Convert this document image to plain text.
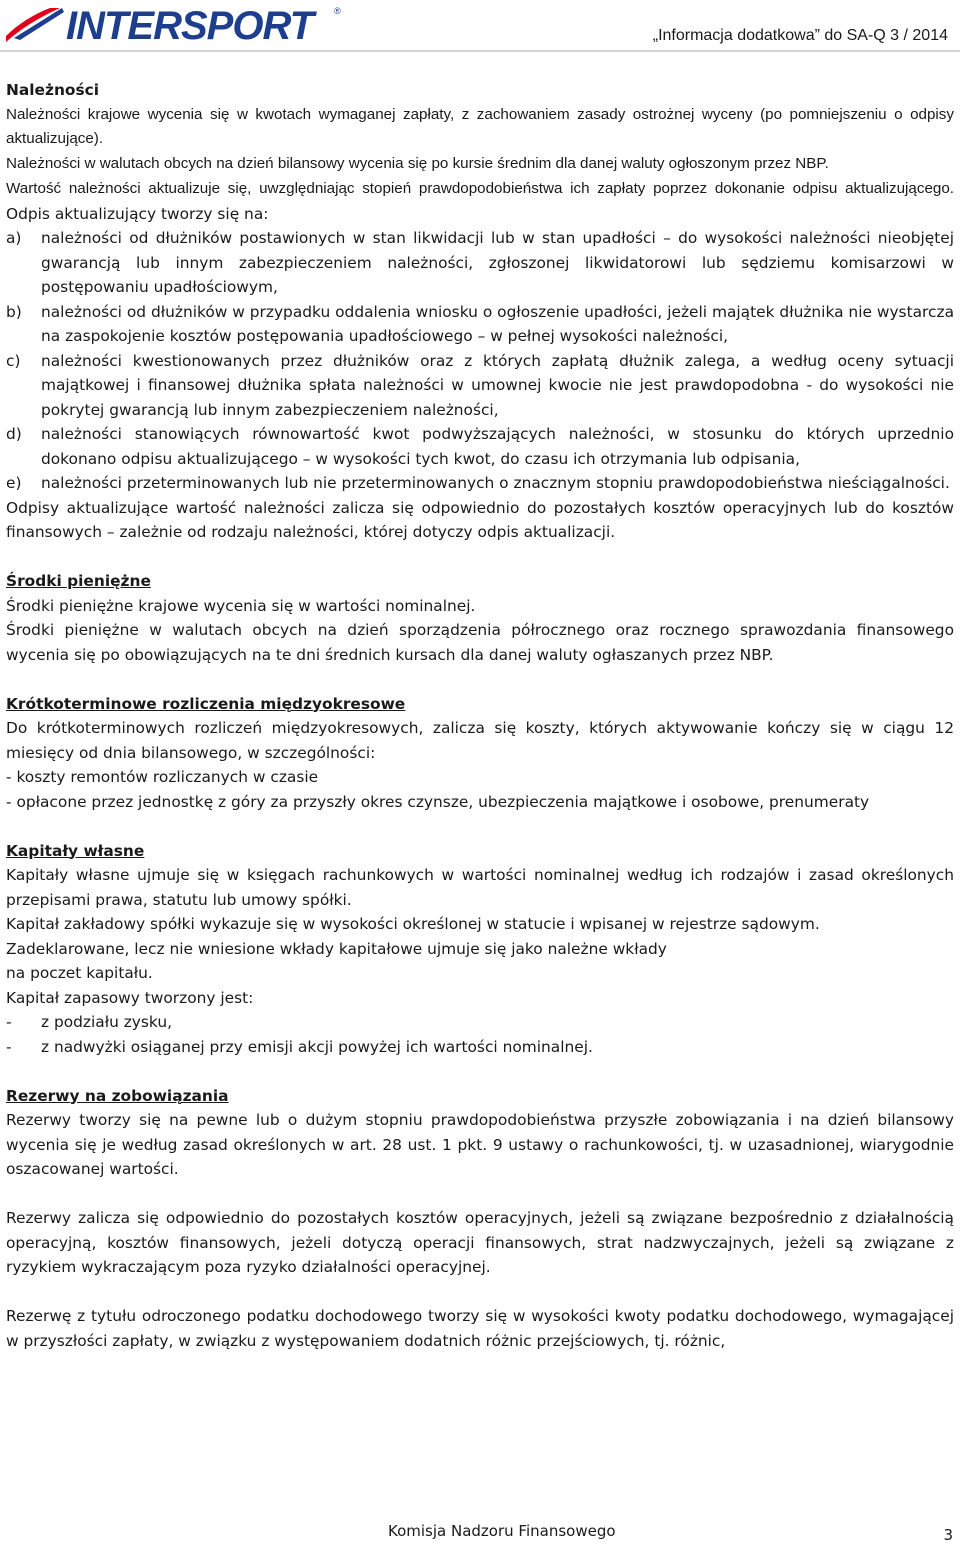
INTERSPORT	®
„Informacja dodatkowa” do SA-Q 3 / 2014
Należności

Należności krajowe wycenia się w kwotach wymaganej zapłaty, z zachowaniem zasady ostrożnej wyceny (po pomniejszeniu o odpisy aktualizujące).

Należności w walutach obcych na dzień bilansowy wycenia się po kursie średnim dla danej waluty ogłoszonym przez NBP.

Wartość należności aktualizuje się, uwzględniając stopień prawdopodobieństwa ich zapłaty poprzez dokonanie odpisu aktualizującego. Odpis aktualizujący tworzy się na:

a)	należności od dłużników postawionych w stan likwidacji lub w stan upadłości – do wysokości należności nieobjętej gwarancją lub innym zabezpieczeniem należności, zgłoszonej likwidatorowi lub sędziemu komisarzowi w postępowaniu upadłościowym,
b)	należności od dłużników w przypadku oddalenia wniosku o ogłoszenie upadłości, jeżeli majątek dłużnika nie wystarcza na zaspokojenie kosztów postępowania upadłościowego – w pełnej wysokości należności,
c)	należności kwestionowanych przez dłużników oraz z których zapłatą dłużnik zalega, a według oceny sytuacji majątkowej i finansowej dłużnika spłata należności w umownej kwocie nie jest prawdopodobna - do wysokości nie pokrytej gwarancją lub innym zabezpieczeniem należności,
d)	należności stanowiących równowartość kwot podwyższających należności, w stosunku do których uprzednio dokonano odpisu aktualizującego – w wysokości tych kwot, do czasu ich otrzymania lub odpisania,
e)	należności przeterminowanych lub nie przeterminowanych o znacznym stopniu prawdopodobieństwa nieściągalności.

Odpisy aktualizujące wartość należności zalicza się odpowiednio do pozostałych kosztów operacyjnych lub do kosztów finansowych – zależnie od rodzaju należności, której dotyczy odpis aktualizacji.

Środki pieniężne

Środki pieniężne krajowe wycenia się w wartości nominalnej.

Środki pieniężne w walutach obcych na dzień sporządzenia półrocznego oraz rocznego sprawozdania finansowego wycenia się po obowiązujących na te dni średnich kursach dla danej waluty ogłaszanych przez NBP.

Krótkoterminowe rozliczenia międzyokresowe

Do krótkoterminowych rozliczeń międzyokresowych, zalicza się koszty, których aktywowanie kończy się w ciągu 12 miesięcy od dnia bilansowego, w szczególności:

- koszty remontów rozliczanych w czasie

- opłacone przez jednostkę z góry za przyszły okres czynsze, ubezpieczenia majątkowe i osobowe, prenumeraty

Kapitały własne

Kapitały własne ujmuje się w księgach rachunkowych w wartości nominalnej według ich rodzajów i zasad określonych przepisami prawa, statutu lub umowy spółki.

Kapitał zakładowy spółki wykazuje się w wysokości określonej w statucie i wpisanej w rejestrze sądowym.

Zadeklarowane, lecz nie wniesione wkłady kapitałowe ujmuje się jako należne wkłady

na poczet kapitału.

Kapitał zapasowy tworzony jest:

-	z podziału zysku,
-	z nadwyżki osiąganej przy emisji akcji powyżej ich wartości nominalnej.
Rezerwy na zobowiązania

Rezerwy tworzy się na pewne lub o dużym stopniu prawdopodobieństwa przyszłe zobowiązania i na dzień bilansowy wycenia się je według zasad określonych w art. 28 ust. 1 pkt. 9 ustawy o rachunkowości, tj. w uzasadnionej, wiarygodnie oszacowanej wartości.

Rezerwy zalicza się odpowiednio do pozostałych kosztów operacyjnych, jeżeli są związane bezpośrednio z działalnością operacyjną, kosztów finansowych, jeżeli dotyczą operacji finansowych, strat nadzwyczajnych, jeżeli są związane z ryzykiem wykraczającym poza ryzyko działalności operacyjnej.

Rezerwę z tytułu odroczonego podatku dochodowego tworzy się w wysokości kwoty podatku dochodowego, wymagającej w przyszłości zapłaty, w związku z występowaniem dodatnich różnic przejściowych, tj. różnic,

Komisja Nadzoru Finansowego	3
